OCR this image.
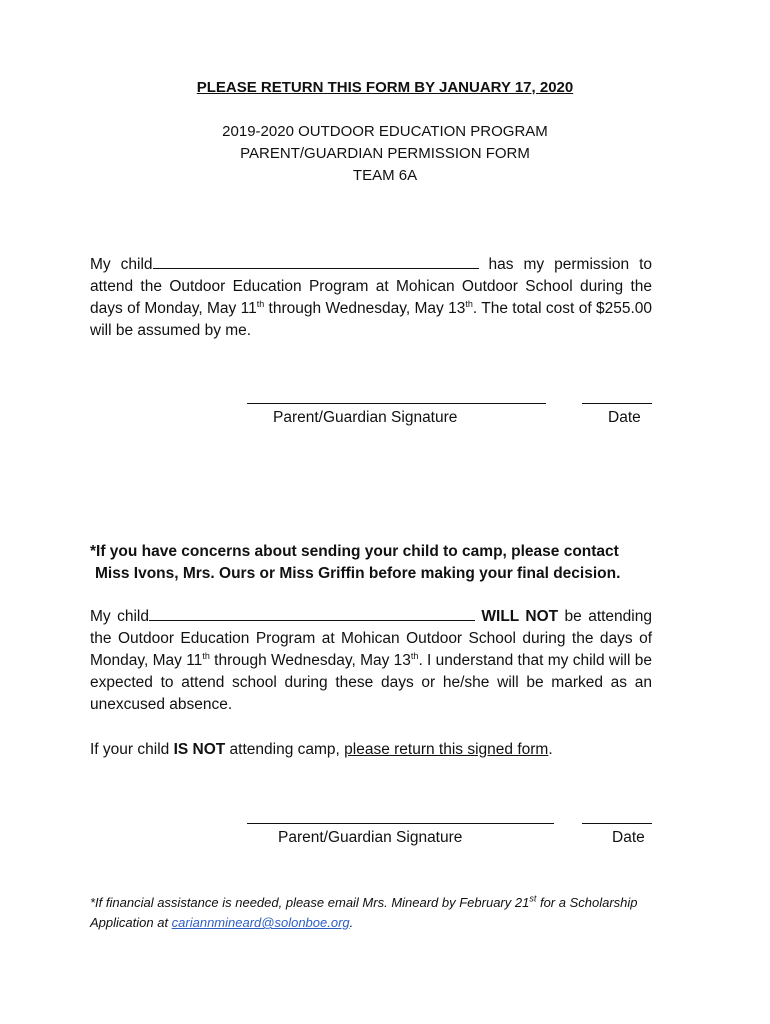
PLEASE RETURN THIS FORM BY JANUARY 17, 2020
2019-2020 OUTDOOR EDUCATION PROGRAM
PARENT/GUARDIAN PERMISSION FORM
TEAM 6A
My child	has my permission to attend the Outdoor Education Program at Mohican Outdoor School during the days of Monday, May 11th through Wednesday, May 13th. The total cost of $255.00 will be assumed by me.
Parent/Guardian Signature	Date
*If you have concerns about sending your child to camp, please contact
Miss Ivons, Mrs. Ours or Miss Griffin before making your final decision.
My child	WILL NOT be attending the Outdoor Education Program at Mohican Outdoor School during the days of Monday, May 11th through Wednesday, May 13th. I understand that my child will be expected to attend school during these days or he/she will be marked as an unexcused absence.
If your child IS NOT attending camp, please return this signed form.
Parent/Guardian Signature	Date
*If financial assistance is needed, please email Mrs. Mineard by February 21st for a Scholarship Application at cariannmineard@solonboe.org.
